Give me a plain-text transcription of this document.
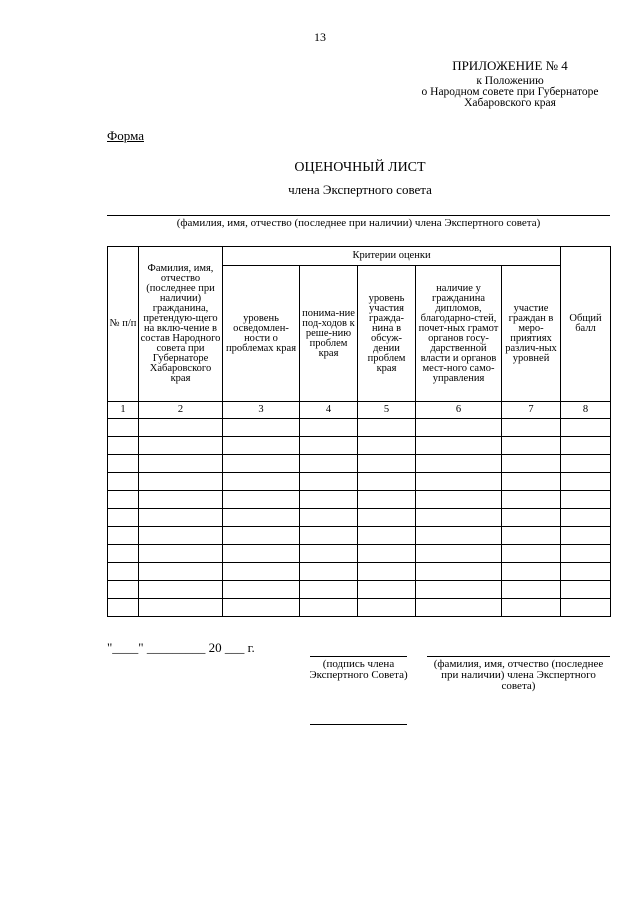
13
ПРИЛОЖЕНИЕ № 4
к Положению
о Народном совете при Губернаторе
Хабаровского края
Форма
ОЦЕНОЧНЫЙ ЛИСТ
члена Экспертного совета
(фамилия, имя, отчество (последнее при наличии) члена Экспертного совета)
№ п/п	Фамилия, имя, отчество (последнее при наличии) гражданина, претендую-щего на вклю-чение в состав Народного совета при Губернаторе Хабаровского края	Критерии оценки					Общий балл
		уровень осведомлен-ности о проблемах края	понима-ние под-ходов к реше-нию проблем края	уровень участия гражда-нина в обсуж-дении проблем края	наличие у гражданина дипломов, благодарно-стей, почет-ных грамот органов госу-дарственной власти и органов мест-ного само-управления	участие граждан в меро-приятиях различ-ных уровней	
1	2	3	4	5	6	7	8

"____" _________ 20 ___ г.
(подпись члена Экспертного Совета)
(фамилия, имя, отчество (последнее при наличии) члена Экспертного совета)
